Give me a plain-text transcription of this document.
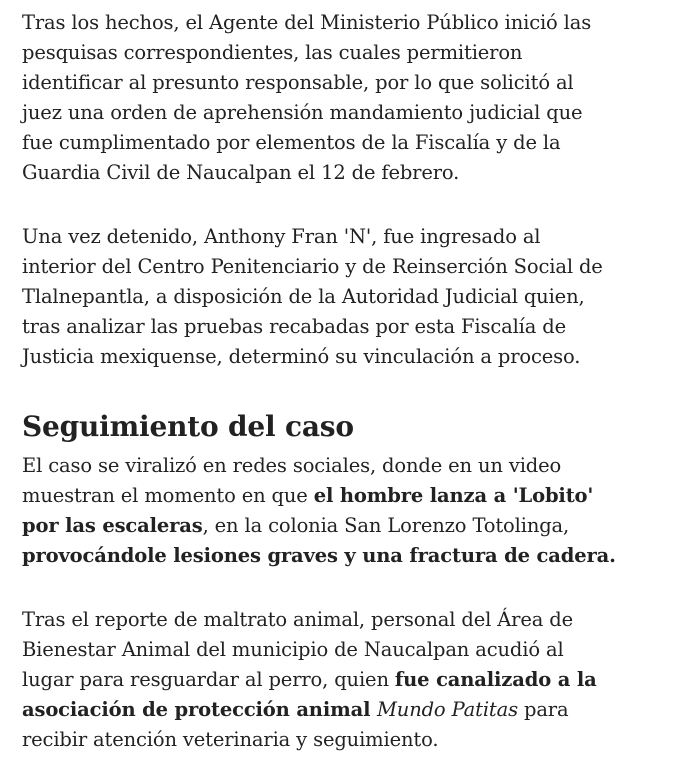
Tras los hechos, el Agente del Ministerio Público inició las
pesquisas correspondientes, las cuales permitieron
identificar al presunto responsable, por lo que solicitó al
juez una orden de aprehensión mandamiento judicial que
fue cumplimentado por elementos de la Fiscalía y de la
Guardia Civil de Naucalpan el 12 de febrero.

Una vez detenido, Anthony Fran 'N', fue ingresado al
interior del Centro Penitenciario y de Reinserción Social de
Tlalnepantla, a disposición de la Autoridad Judicial quien,
tras analizar las pruebas recabadas por esta Fiscalía de
Justicia mexiquense, determinó su vinculación a proceso.

Seguimiento del caso

El caso se viralizó en redes sociales, donde en un video
muestran el momento en que el hombre lanza a 'Lobito'
por las escaleras, en la colonia San Lorenzo Totolinga,
provocándole lesiones graves y una fractura de cadera.

Tras el reporte de maltrato animal, personal del Área de
Bienestar Animal del municipio de Naucalpan acudió al
lugar para resguardar al perro, quien fue canalizado a la
asociación de protección animal Mundo Patitas para
recibir atención veterinaria y seguimiento.
